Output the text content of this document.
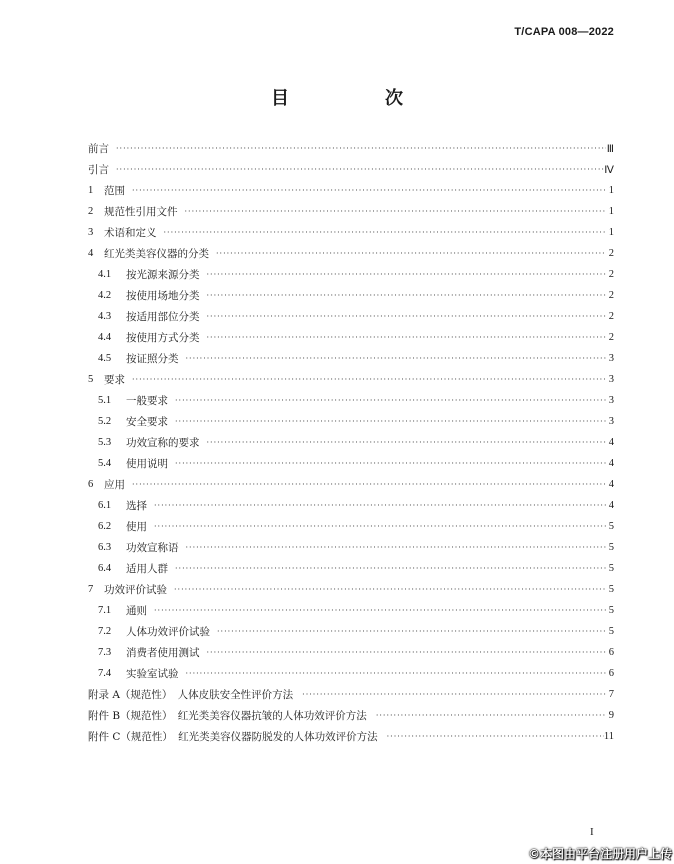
T/CAPA 008—2022
目　　次
前言 ·····	Ⅲ
引言 ·····	Ⅳ
1	范围 ·····	1
2	规范性引用文件 ·····	1
3	术语和定义 ·····	1
4	红光类美容仪器的分类 ·····	2
4.1	按光源来源分类 ·····	2
4.2	按使用场地分类 ·····	2
4.3	按适用部位分类 ·····	2
4.4	按使用方式分类 ·····	2
4.5	按证照分类 ·····	3
5	要求 ·····	3
5.1	一般要求 ·····	3
5.2	安全要求 ·····	3
5.3	功效宣称的要求 ·····	4
5.4	使用说明 ·····	4
6	应用 ·····	4
6.1	选择 ·····	4
6.2	使用 ·····	5
6.3	功效宣称语 ·····	5
6.4	适用人群 ·····	5
7	功效评价试验 ·····	5
7.1	通则 ·····	5
7.2	人体功效评价试验 ·····	5
7.3	消费者使用测试 ·····	6
7.4	实验室试验 ·····	6
附录 A（规范性）　人体皮肤安全性评价方法 ·····	7
附件 B（规范性）　红光类美容仪器抗皱的人体功效评价方法 ·····	9
附件 C（规范性）　红光类美容仪器防脱发的人体功效评价方法 ·····	11
I
©本图由平台注册用户上传
